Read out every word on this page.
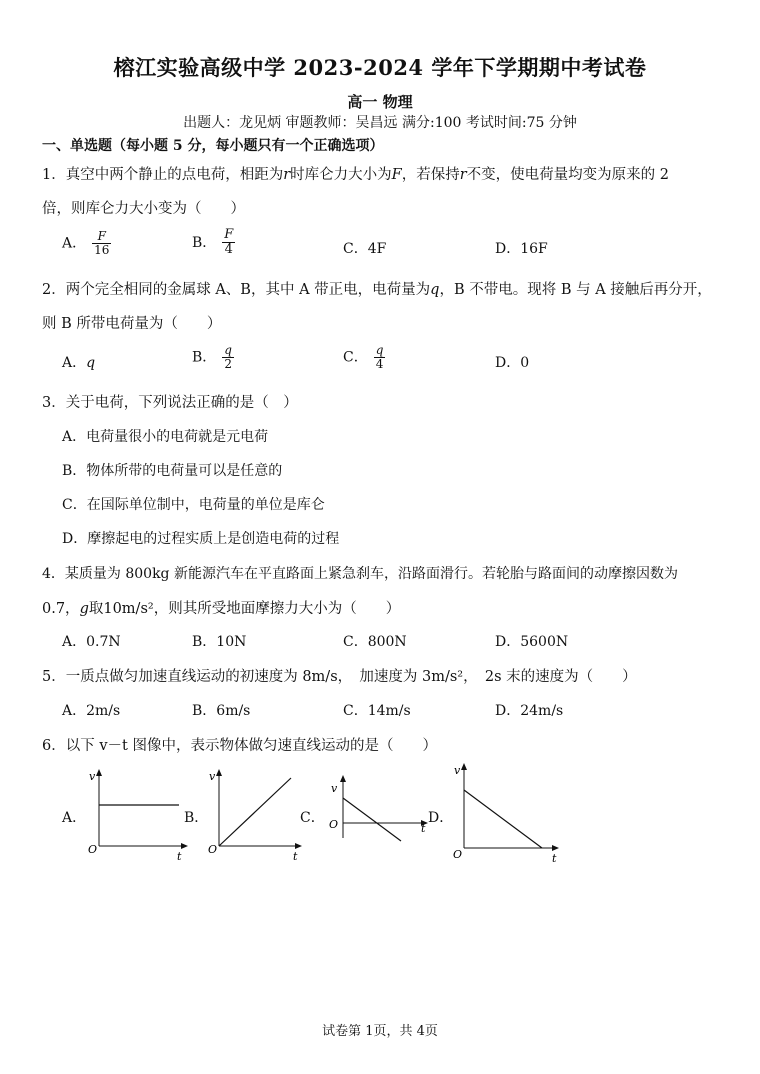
榕江实验高级中学 2023-2024 学年下学期期中考试卷
高一 物理
出题人：龙见炳 审题教师：吴昌远 满分:100 考试时间:75 分钟
一、单选题（每小题 5 分，每小题只有一个正确选项）
1．真空中两个静止的点电荷，相距为r时库仑力大小为F，若保持r不变，使电荷量均变为原来的 2
倍，则库仑力大小变为（　　）
A． $\frac{F}{16}$	B． $\frac{F}{4}$	C．4F	D．16F
2．两个完全相同的金属球 A、B，其中 A 带正电，电荷量为q，B 不带电。现将 B 与 A 接触后再分开，
则 B 所带电荷量为（　　）
A．q	B． $\frac{q}{2}$	C． $\frac{q}{4}$	D．0
3．关于电荷，下列说法正确的是（　）
A．电荷量很小的电荷就是元电荷
B．物体所带的电荷量可以是任意的
C．在国际单位制中，电荷量的单位是库仑
D．摩擦起电的过程实质上是创造电荷的过程
4．某质量为 800kg 新能源汽车在平直路面上紧急刹车，沿路面滑行。若轮胎与路面间的动摩擦因数为
0.7，g取10m/s²，则其所受地面摩擦力大小为（　　）
A．0.7N	B．10N	C．800N	D．5600N
5．一质点做匀加速直线运动的初速度为 8m/s，　加速度为 3m/s²，　2s 末的速度为（　　）
A．2m/s	B．6m/s	C．14m/s	D．24m/s
6．以下 v－t 图像中，表示物体做匀速直线运动的是（　　）
A．	B．	C．	D．
v
t
O
v
t
O
v
t
O
v
t
O
试卷第 1页，共 4页
